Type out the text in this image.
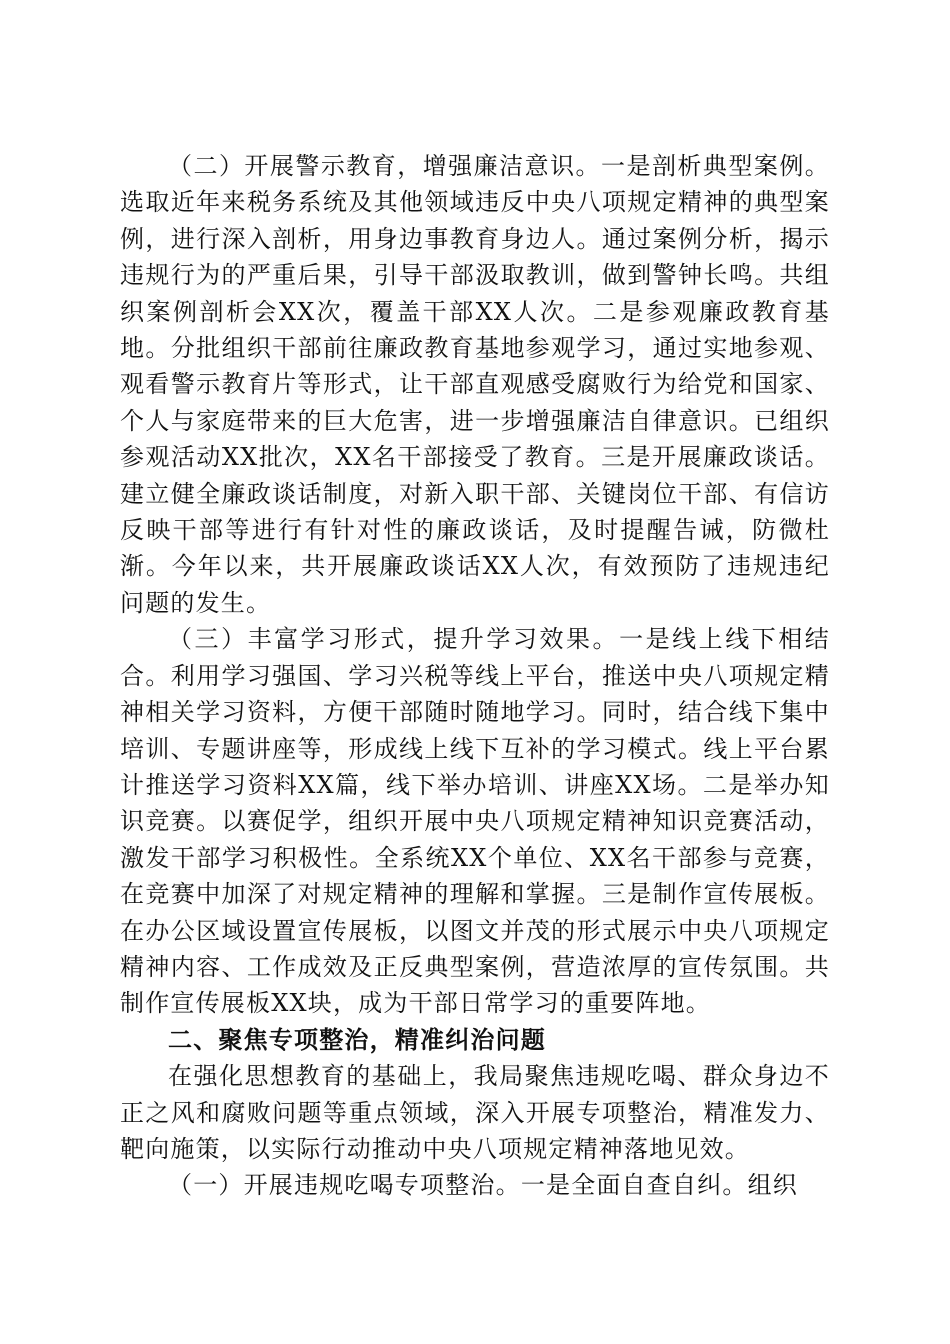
（二）开展警示教育，增强廉洁意识。一是剖析典型案例。选取近年来税务系统及其他领域违反中央八项规定精神的典型案例，进行深入剖析，用身边事教育身边人。通过案例分析，揭示违规行为的严重后果，引导干部汲取教训，做到警钟长鸣。共组织案例剖析会XX次，覆盖干部XX人次。二是参观廉政教育基地。分批组织干部前往廉政教育基地参观学习，通过实地参观、观看警示教育片等形式，让干部直观感受腐败行为给党和国家、个人与家庭带来的巨大危害，进一步增强廉洁自律意识。已组织参观活动XX批次，XX名干部接受了教育。三是开展廉政谈话。建立健全廉政谈话制度，对新入职干部、关键岗位干部、有信访反映干部等进行有针对性的廉政谈话，及时提醒告诫，防微杜渐。今年以来，共开展廉政谈话XX人次，有效预防了违规违纪问题的发生。

（三）丰富学习形式，提升学习效果。一是线上线下相结合。利用学习强国、学习兴税等线上平台，推送中央八项规定精神相关学习资料，方便干部随时随地学习。同时，结合线下集中培训、专题讲座等，形成线上线下互补的学习模式。线上平台累计推送学习资料XX篇，线下举办培训、讲座XX场。二是举办知识竞赛。以赛促学，组织开展中央八项规定精神知识竞赛活动，激发干部学习积极性。全系统XX个单位、XX名干部参与竞赛，在竞赛中加深了对规定精神的理解和掌握。三是制作宣传展板。在办公区域设置宣传展板，以图文并茂的形式展示中央八项规定精神内容、工作成效及正反典型案例，营造浓厚的宣传氛围。共制作宣传展板XX块，成为干部日常学习的重要阵地。

二、聚焦专项整治，精准纠治问题

在强化思想教育的基础上，我局聚焦违规吃喝、群众身边不正之风和腐败问题等重点领域，深入开展专项整治，精准发力、靶向施策，以实际行动推动中央八项规定精神落地见效。

（一）开展违规吃喝专项整治。一是全面自查自纠。组织
